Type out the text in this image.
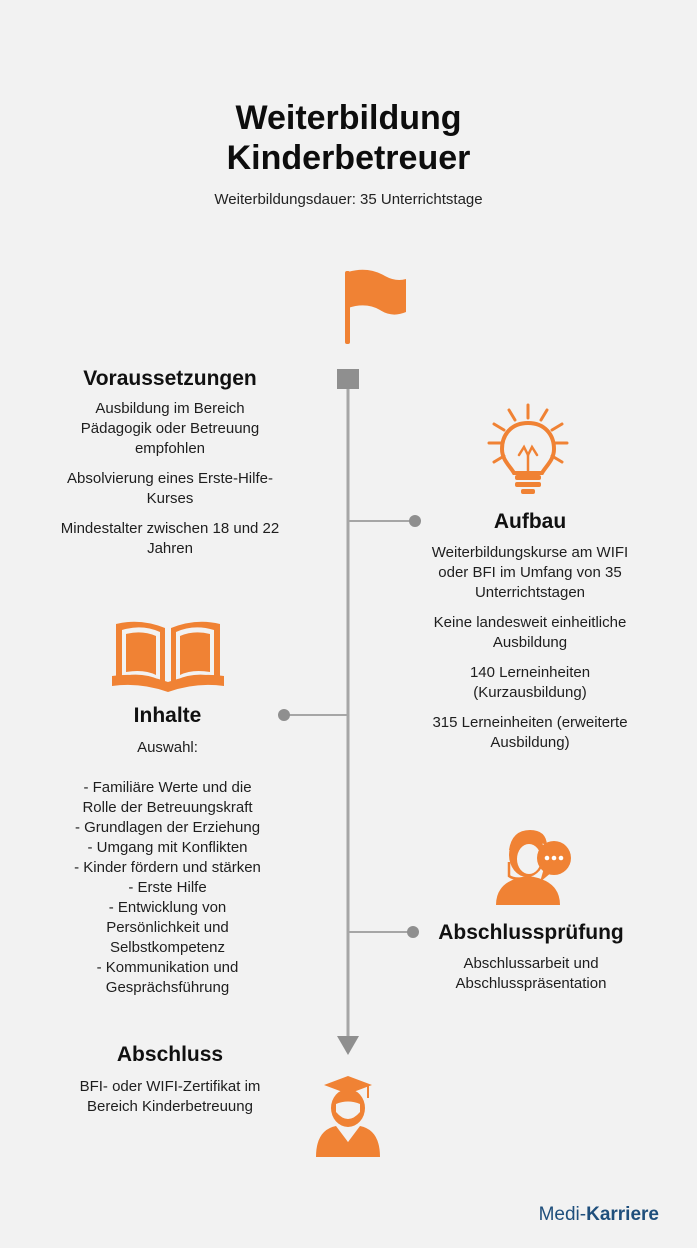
Weiterbildung
Kinderbetreuer
Weiterbildungsdauer: 35 Unterrichtstage
Voraussetzungen

Ausbildung im Bereich Pädagogik oder Betreuung empfohlen

Absolvierung eines Erste-Hilfe-Kurses

Mindestalter zwischen 18 und 22 Jahren

Aufbau

Weiterbildungskurse am WIFI oder BFI im Umfang von 35 Unterrichtstagen

Keine landesweit einheitliche Ausbildung

140 Lerneinheiten (Kurzausbildung)

315 Lerneinheiten (erweiterte Ausbildung)

Inhalte

Auswahl:

- Familiäre Werte und die

Rolle der Betreuungskraft

- Grundlagen der Erziehung

- Umgang mit Konflikten

- Kinder fördern und stärken

- Erste Hilfe

- Entwicklung von

Persönlichkeit und

Selbstkompetenz

- Kommunikation und

Gesprächsführung

Abschlussprüfung

Abschlussarbeit und Abschlusspräsentation

Abschluss

BFI- oder WIFI-Zertifikat im Bereich Kinderbetreuung

Medi-Karriere
